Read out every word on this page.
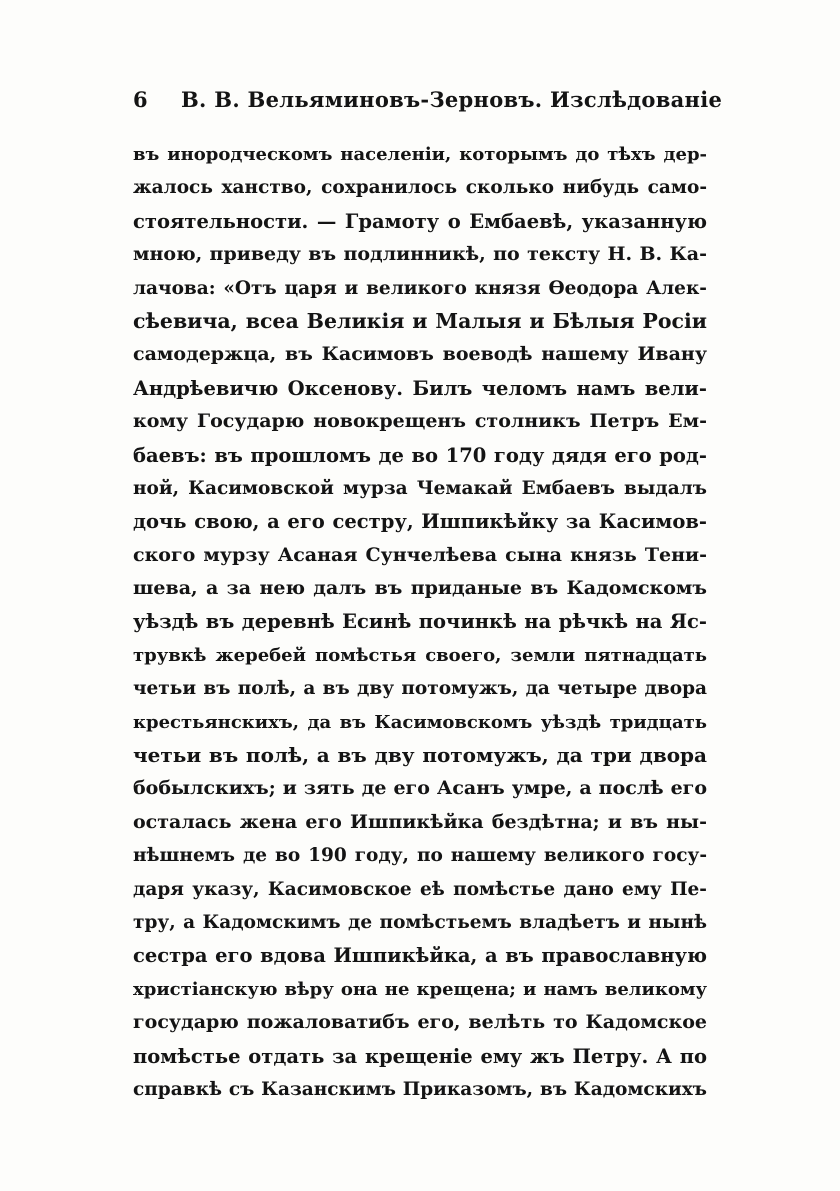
6 В. В. Вельяминовъ-Зерновъ. Изслѣдованіе
въ инородческомъ населеніи, которымъ до тѣхъ дер-
жалось ханство, сохранилось сколько нибудь само-
стоятельности. — Грамоту о Ембаевѣ, указанную
мною, приведу въ подлинникѣ, по тексту Н. В. Ка-
лачова: «Отъ царя и великого князя Ѳеодора Алек-
сѣевича, всеа Великія и Малыя и Бѣлыя Росіи
самодержца, въ Касимовъ воеводѣ нашему Ивану
Андрѣевичю Оксенову. Билъ челомъ намъ вели-
кому Государю новокрещенъ столникъ Петръ Ем-
баевъ: въ прошломъ де во 170 году дядя его род-
ной, Касимовской мурза Чемакай Ембаевъ выдалъ
дочь свою, а его сестру, Ишпикѣйку за Касимов-
ского мурзу Асаная Сунчелѣева сына князь Тени-
шева, а за нею далъ въ приданые въ Кадомскомъ
уѣздѣ въ деревнѣ Есинѣ починкѣ на рѣчкѣ на Яс-
трувкѣ жеребей помѣстья своего, земли пятнадцать
четьи въ полѣ, а въ дву потомужъ, да четыре двора
крестьянскихъ, да въ Касимовскомъ уѣздѣ тридцать
четьи въ полѣ, а въ дву потомужъ, да три двора
бобылскихъ; и зять де его Асанъ умре, а послѣ его
осталась жена его Ишпикѣйка бездѣтна; и въ ны-
нѣшнемъ де во 190 году, по нашему великого госу-
даря указу, Касимовское еѣ помѣстье дано ему Пе-
тру, а Кадомскимъ де помѣстьемъ владѣетъ и нынѣ
сестра его вдова Ишпикѣйка, а въ православную
христіанскую вѣру она не крещена; и намъ великому
государю пожаловатибъ его, велѣть то Кадомское
помѣстье отдать за крещеніе ему жъ Петру. А по
справкѣ съ Казанскимъ Приказомъ, въ Кадомскихъ
